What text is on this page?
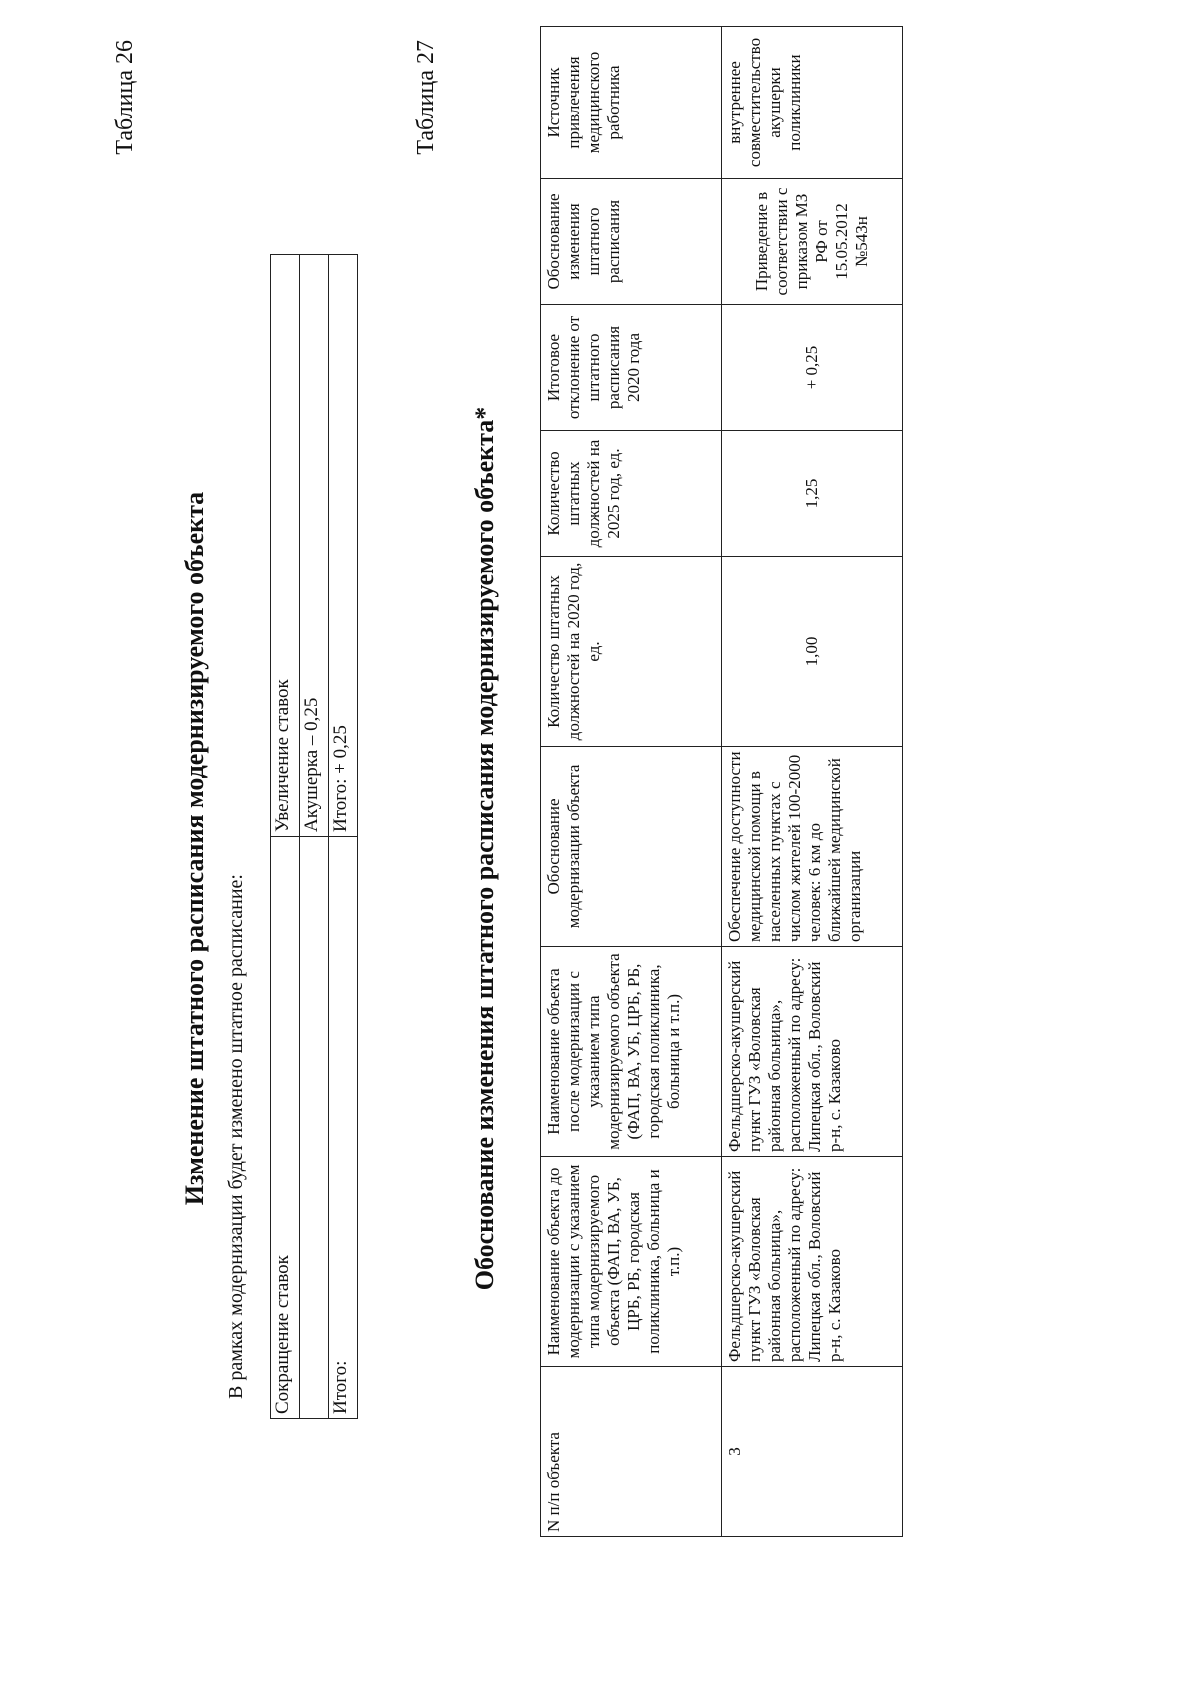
Таблица 26
Изменение штатного расписания модернизируемого объекта В рамках модернизации будет изменено штатное расписание: Сокращение ставок	Увеличение ставок
	Акушерка – 0,25
Итого:	Итого: + 0,25
Таблица 27
Обоснование изменения штатного расписания модернизируемого объекта*
N п/п объекта	Наименование объекта до модернизации с указанием типа модернизируемого объекта (ФАП, ВА, УБ, ЦРБ, РБ, городская поликлиника, больница и т.п.)	Наименование объекта после модернизации с указанием типа модернизируемого объекта (ФАП, ВА, УБ, ЦРБ, РБ, городская поликлиника, больница и т.п.)	Обоснование модернизации объекта	Количество штатных должностей на 2020 год, ед.	Количество штатных должностей на 2025 год, ед.	Итоговое отклонение от штатного расписания 2020 года	Обоснование изменения штатного расписания	Источник привлечения медицинского работника
3	Фельдшерско-акушерский пункт ГУЗ «Воловская районная больница», расположенный по адресу: Липецкая обл., Воловский р-н, с. Казаково	Фельдшерско-акушерский пункт ГУЗ «Воловская районная больница», расположенный по адресу: Липецкая обл., Воловский р-н, с. Казаково	Обеспечение доступности медицинской помощи в населенных пунктах с числом жителей 100-2000 человек: 6 км до ближайшей медицинской организации	1,00	1,25	+ 0,25	Приведение в соответствии с приказом МЗ РФ от 15.05.2012 №543н	внутреннее совместительство акушерки поликлиники
